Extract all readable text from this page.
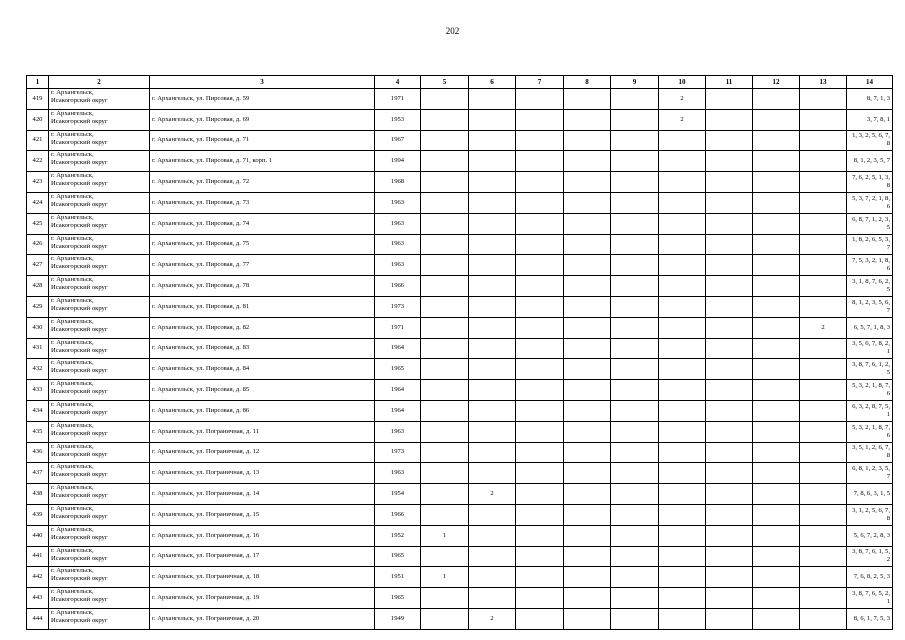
202
1	2	3	4	5	6	7	8	9	10	11	12	13	14
419	г. Архангельск,
Исакогорский округ	г. Архангельск, ул. Пирсовая, д. 59	1971						2				8, 7, 1, 3
420	г. Архангельск,
Исакогорский округ	г. Архангельск, ул. Пирсовая, д. 69	1953						2				3, 7, 8, 1
421	г. Архангельск,
Исакогорский округ	г. Архангельск, ул. Пирсовая, д. 71	1967										1, 3, 2, 5, 6, 7, 8
422	г. Архангельск,
Исакогорский округ	г. Архангельск, ул. Пирсовая, д. 71, корп. 1	1994										8, 1, 2, 3, 5, 7
423	г. Архангельск,
Исакогорский округ	г. Архангельск, ул. Пирсовая, д. 72	1968										7, 6, 2, 5, 1, 3, 8
424	г. Архангельск,
Исакогорский округ	г. Архангельск, ул. Пирсовая, д. 73	1963										5, 3, 7, 2, 1, 8, 6
425	г. Архангельск,
Исакогорский округ	г. Архангельск, ул. Пирсовая, д. 74	1963										6, 8, 7, 1, 2, 3, 5
426	г. Архангельск,
Исакогорский округ	г. Архангельск, ул. Пирсовая, д. 75	1963										1, 8, 2, 6, 5, 3, 7
427	г. Архангельск,
Исакогорский округ	г. Архангельск, ул. Пирсовая, д. 77	1963										7, 5, 3, 2, 1, 8, 6
428	г. Архангельск,
Исакогорский округ	г. Архангельск, ул. Пирсовая, д. 78	1966										3, 1, 8, 7, 6, 2, 5
429	г. Архангельск,
Исакогорский округ	г. Архангельск, ул. Пирсовая, д. 81	1973										8, 1, 2, 3, 5, 6, 7
430	г. Архангельск,
Исакогорский округ	г. Архангельск, ул. Пирсовая, д. 82	1971									2	6, 5, 7, 1, 8, 3
431	г. Архангельск,
Исакогорский округ	г. Архангельск, ул. Пирсовая, д. 83	1964										3, 5, 6, 7, 8, 2, 1
432	г. Архангельск,
Исакогорский округ	г. Архангельск, ул. Пирсовая, д. 84	1965										3, 8, 7, 6, 1, 2, 5
433	г. Архангельск,
Исакогорский округ	г. Архангельск, ул. Пирсовая, д. 85	1964										5, 3, 2, 1, 8, 7, 6
434	г. Архангельск,
Исакогорский округ	г. Архангельск, ул. Пирсовая, д. 86	1964										6, 3, 2, 8, 7, 5, 1
435	г. Архангельск,
Исакогорский округ	г. Архангельск, ул. Пограничная, д. 11	1963										5, 3, 2, 1, 8, 7, 6
436	г. Архангельск,
Исакогорский округ	г. Архангельск, ул. Пограничная, д. 12	1973										3, 5, 1, 2, 6, 7, 8
437	г. Архангельск,
Исакогорский округ	г. Архангельск, ул. Пограничная, д. 13	1963										6, 8, 1, 2, 3, 5, 7
438	г. Архангельск,
Исакогорский округ	г. Архангельск, ул. Пограничная, д. 14	1954		2								7, 8, 6, 3, 1, 5
439	г. Архангельск,
Исакогорский округ	г. Архангельск, ул. Пограничная, д. 15	1966										3, 1, 2, 5, 6, 7, 8
440	г. Архангельск,
Исакогорский округ	г. Архангельск, ул. Пограничная, д. 16	1952	1									5, 6, 7, 2, 8, 3
441	г. Архангельск,
Исакогорский округ	г. Архангельск, ул. Пограничная, д. 17	1965										3, 8, 7, 6, 1, 5, 2
442	г. Архангельск,
Исакогорский округ	г. Архангельск, ул. Пограничная, д. 18	1951	1									7, 6, 8, 2, 5, 3
443	г. Архангельск,
Исакогорский округ	г. Архангельск, ул. Пограничная, д. 19	1965										3, 8, 7, 6, 5, 2, 1
444	г. Архангельск,
Исакогорский округ	г. Архангельск, ул. Пограничная, д. 20	1949		2								8, 6, 1, 7, 5, 3
